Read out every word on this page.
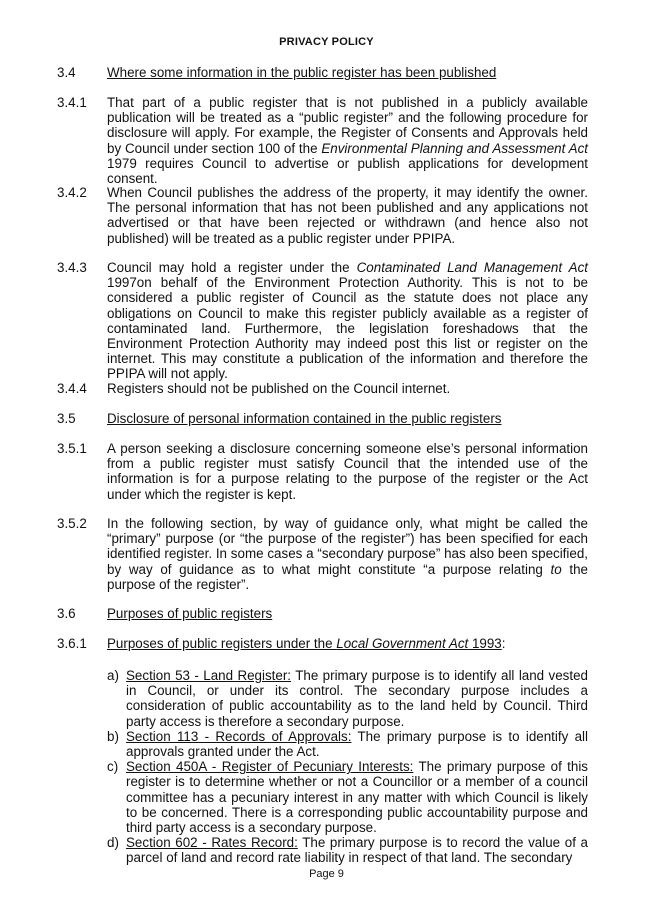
PRIVACY POLICY
3.4 Where some information in the public register has been published
3.4.1 That part of a public register that is not published in a publicly available publication will be treated as a “public register” and the following procedure for disclosure will apply. For example, the Register of Consents and Approvals held by Council under section 100 of the Environmental Planning and Assessment Act 1979 requires Council to advertise or publish applications for development consent.
3.4.2 When Council publishes the address of the property, it may identify the owner. The personal information that has not been published and any applications not advertised or that have been rejected or withdrawn (and hence also not published) will be treated as a public register under PPIPA.
3.4.3 Council may hold a register under the Contaminated Land Management Act 1997on behalf of the Environment Protection Authority. This is not to be considered a public register of Council as the statute does not place any obligations on Council to make this register publicly available as a register of contaminated land. Furthermore, the legislation foreshadows that the Environment Protection Authority may indeed post this list or register on the internet. This may constitute a publication of the information and therefore the PPIPA will not apply.
3.4.4 Registers should not be published on the Council internet.
3.5 Disclosure of personal information contained in the public registers
3.5.1 A person seeking a disclosure concerning someone else’s personal information from a public register must satisfy Council that the intended use of the information is for a purpose relating to the purpose of the register or the Act under which the register is kept.
3.5.2 In the following section, by way of guidance only, what might be called the “primary” purpose (or “the purpose of the register”) has been specified for each identified register. In some cases a “secondary purpose” has also been specified, by way of guidance as to what might constitute “a purpose relating to the purpose of the register”.
3.6 Purposes of public registers
3.6.1 Purposes of public registers under the Local Government Act 1993:
a) Section 53 - Land Register: The primary purpose is to identify all land vested in Council, or under its control. The secondary purpose includes a consideration of public accountability as to the land held by Council. Third party access is therefore a secondary purpose.
b) Section 113 - Records of Approvals: The primary purpose is to identify all approvals granted under the Act.
c) Section 450A - Register of Pecuniary Interests: The primary purpose of this register is to determine whether or not a Councillor or a member of a council committee has a pecuniary interest in any matter with which Council is likely to be concerned. There is a corresponding public accountability purpose and third party access is a secondary purpose.
d) Section 602 - Rates Record: The primary purpose is to record the value of a parcel of land and record rate liability in respect of that land. The secondary
Page 9
